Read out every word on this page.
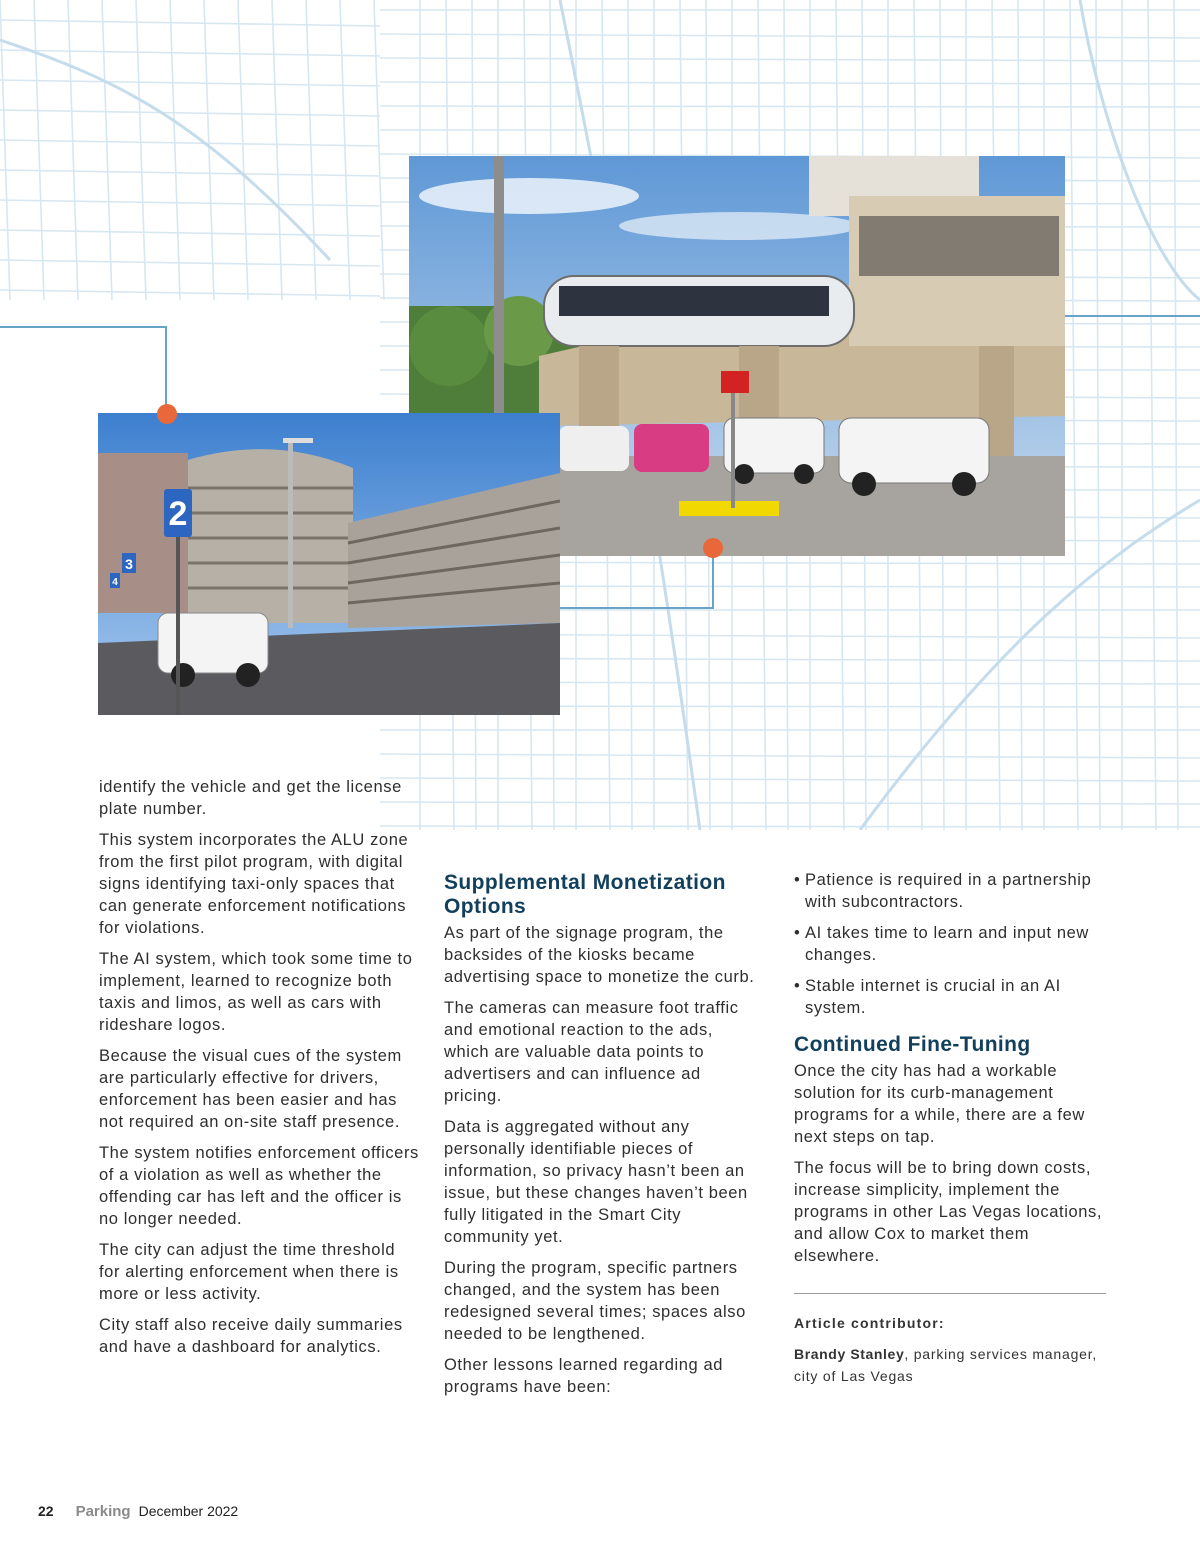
2
3
4

identify the vehicle and get the license plate number.

This system incorporates the ALU zone from the first pilot program, with digital signs identifying taxi-only spaces that can generate enforcement notifications for violations.

The AI system, which took some time to implement, learned to recognize both taxis and limos, as well as cars with rideshare logos.

Because the visual cues of the system are particularly effective for drivers, enforcement has been easier and has not required an on-site staff presence.

The system notifies enforcement officers of a violation as well as whether the offending car has left and the officer is no longer needed.

The city can adjust the time threshold for alerting enforcement when there is more or less activity.

City staff also receive daily summaries and have a dashboard for analytics.

Supplemental Monetization Options

As part of the signage program, the backsides of the kiosks became advertising space to monetize the curb.

The cameras can measure foot traffic and emotional reaction to the ads, which are valuable data points to advertisers and can influence ad pricing.

Data is aggregated without any personally identifiable pieces of information, so privacy hasn’t been an issue, but these changes haven’t been fully litigated in the Smart City community yet.

During the program, specific partners changed, and the system has been redesigned several times; spaces also needed to be lengthened.

Other lessons learned regarding ad programs have been:

• Patience is required in a partnership with subcontractors.
• AI takes time to learn and input new changes.
• Stable internet is crucial in an AI system.
Continued Fine-Tuning

Once the city has had a workable solution for its curb-management programs for a while, there are a few next steps on tap.

The focus will be to bring down costs, increase simplicity, implement the programs in other Las Vegas locations, and allow Cox to market them elsewhere.

Article contributor:

Brandy Stanley, parking services manager, city of Las Vegas

22 Parking December 2022
